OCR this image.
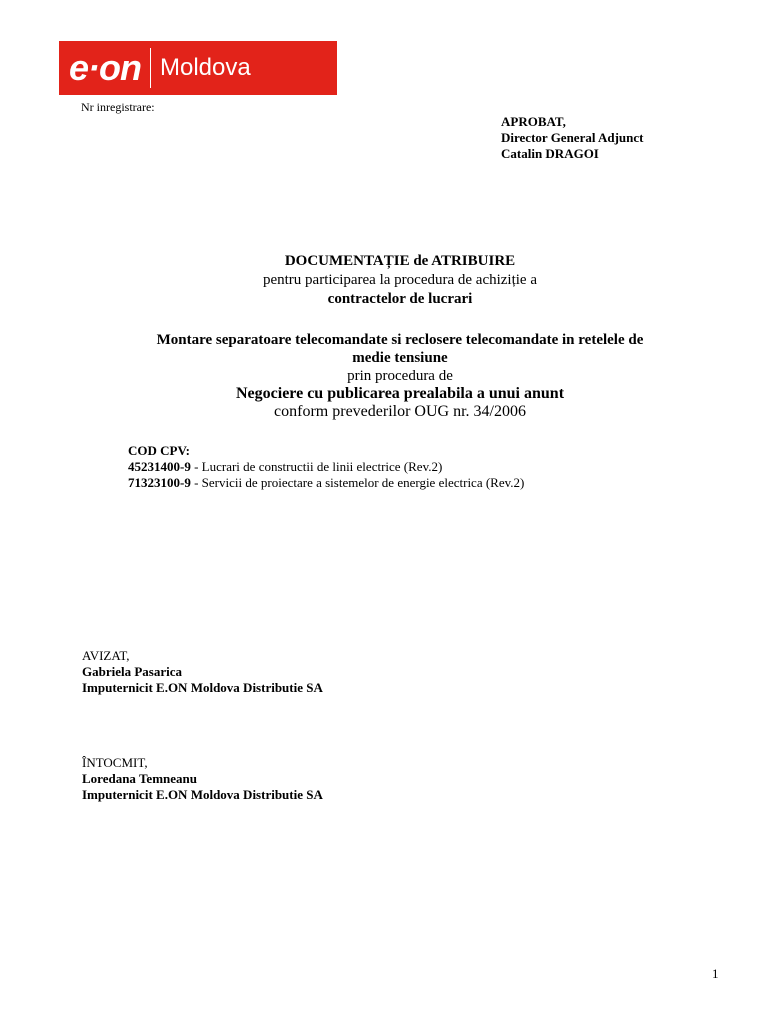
e·on Moldova
Nr inregistrare:
APROBAT,
Director General Adjunct
Catalin DRAGOI
DOCUMENTAȚIE de ATRIBUIRE
pentru participarea la procedura de achiziție a
contractelor de lucrari
Montare separatoare telecomandate si reclosere telecomandate in retelele de
medie tensiune
prin procedura de
Negociere cu publicarea prealabila a unui anunt
conform prevederilor OUG nr. 34/2006
COD CPV:
45231400-9 - Lucrari de constructii de linii electrice (Rev.2)
71323100-9 - Servicii de proiectare a sistemelor de energie electrica (Rev.2)
AVIZAT,
Gabriela Pasarica
Imputernicit E.ON Moldova Distributie SA
ÎNTOCMIT,
Loredana Temneanu
Imputernicit E.ON Moldova Distributie SA
1
